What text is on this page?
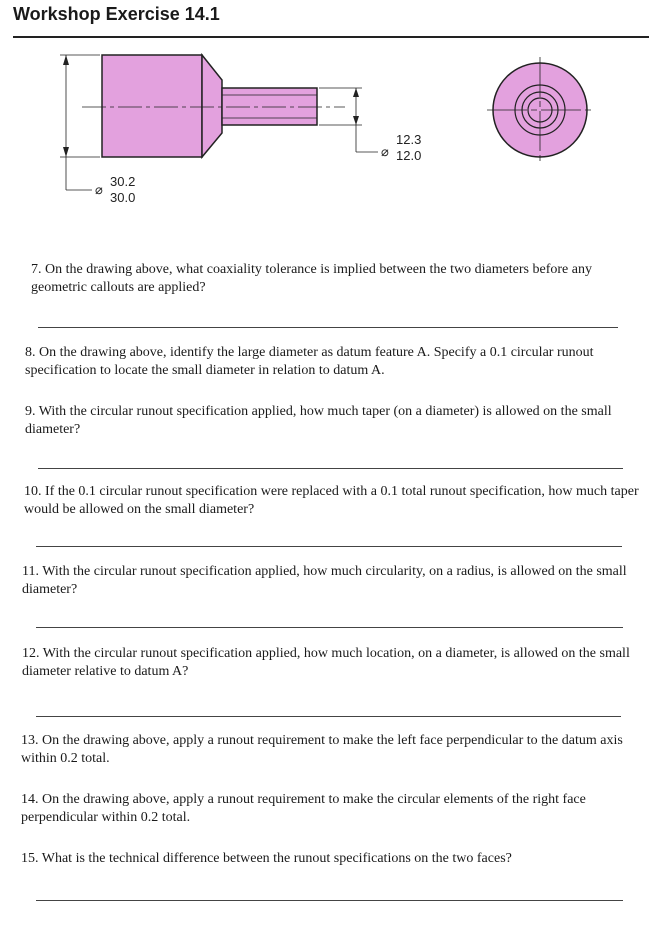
Workshop Exercise 14.1
⌀
30.2
30.0
⌀
12.3
12.0
7. On the drawing above, what coaxiality tolerance is implied between the two diameters before any geometric callouts are applied?
8. On the drawing above, identify the large diameter as datum feature A. Specify a 0.1 circular runout specification to locate the small diameter in relation to datum A.
9. With the circular runout specification applied, how much taper (on a diameter) is allowed on the small diameter?
10. If the 0.1 circular runout specification were replaced with a 0.1 total runout specification, how much taper would be allowed on the small diameter?
11. With the circular runout specification applied, how much circularity, on a radius, is allowed on the small diameter?
12. With the circular runout specification applied, how much location, on a diameter, is allowed on the small diameter relative to datum A?
13. On the drawing above, apply a runout requirement to make the left face perpendicular to the datum axis within 0.2 total.
14. On the drawing above, apply a runout requirement to make the circular elements of the right face perpendicular within 0.2 total.
15. What is the technical difference between the runout specifications on the two faces?
